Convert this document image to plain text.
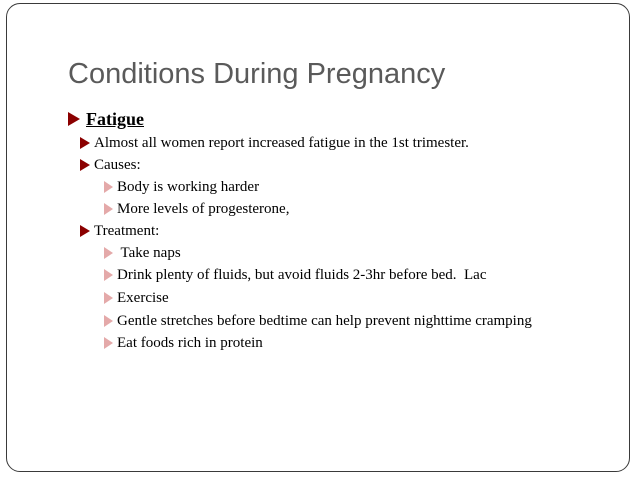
Conditions During Pregnancy
Fatigue
Almost all women report increased fatigue in the 1st trimester.
Causes:
Body is working harder
More levels of progesterone,
Treatment:
Take naps
Drink plenty of fluids, but avoid fluids 2-3hr before bed.  Lac
Exercise
Gentle stretches before bedtime can help prevent nighttime cramping
Eat foods rich in protein
